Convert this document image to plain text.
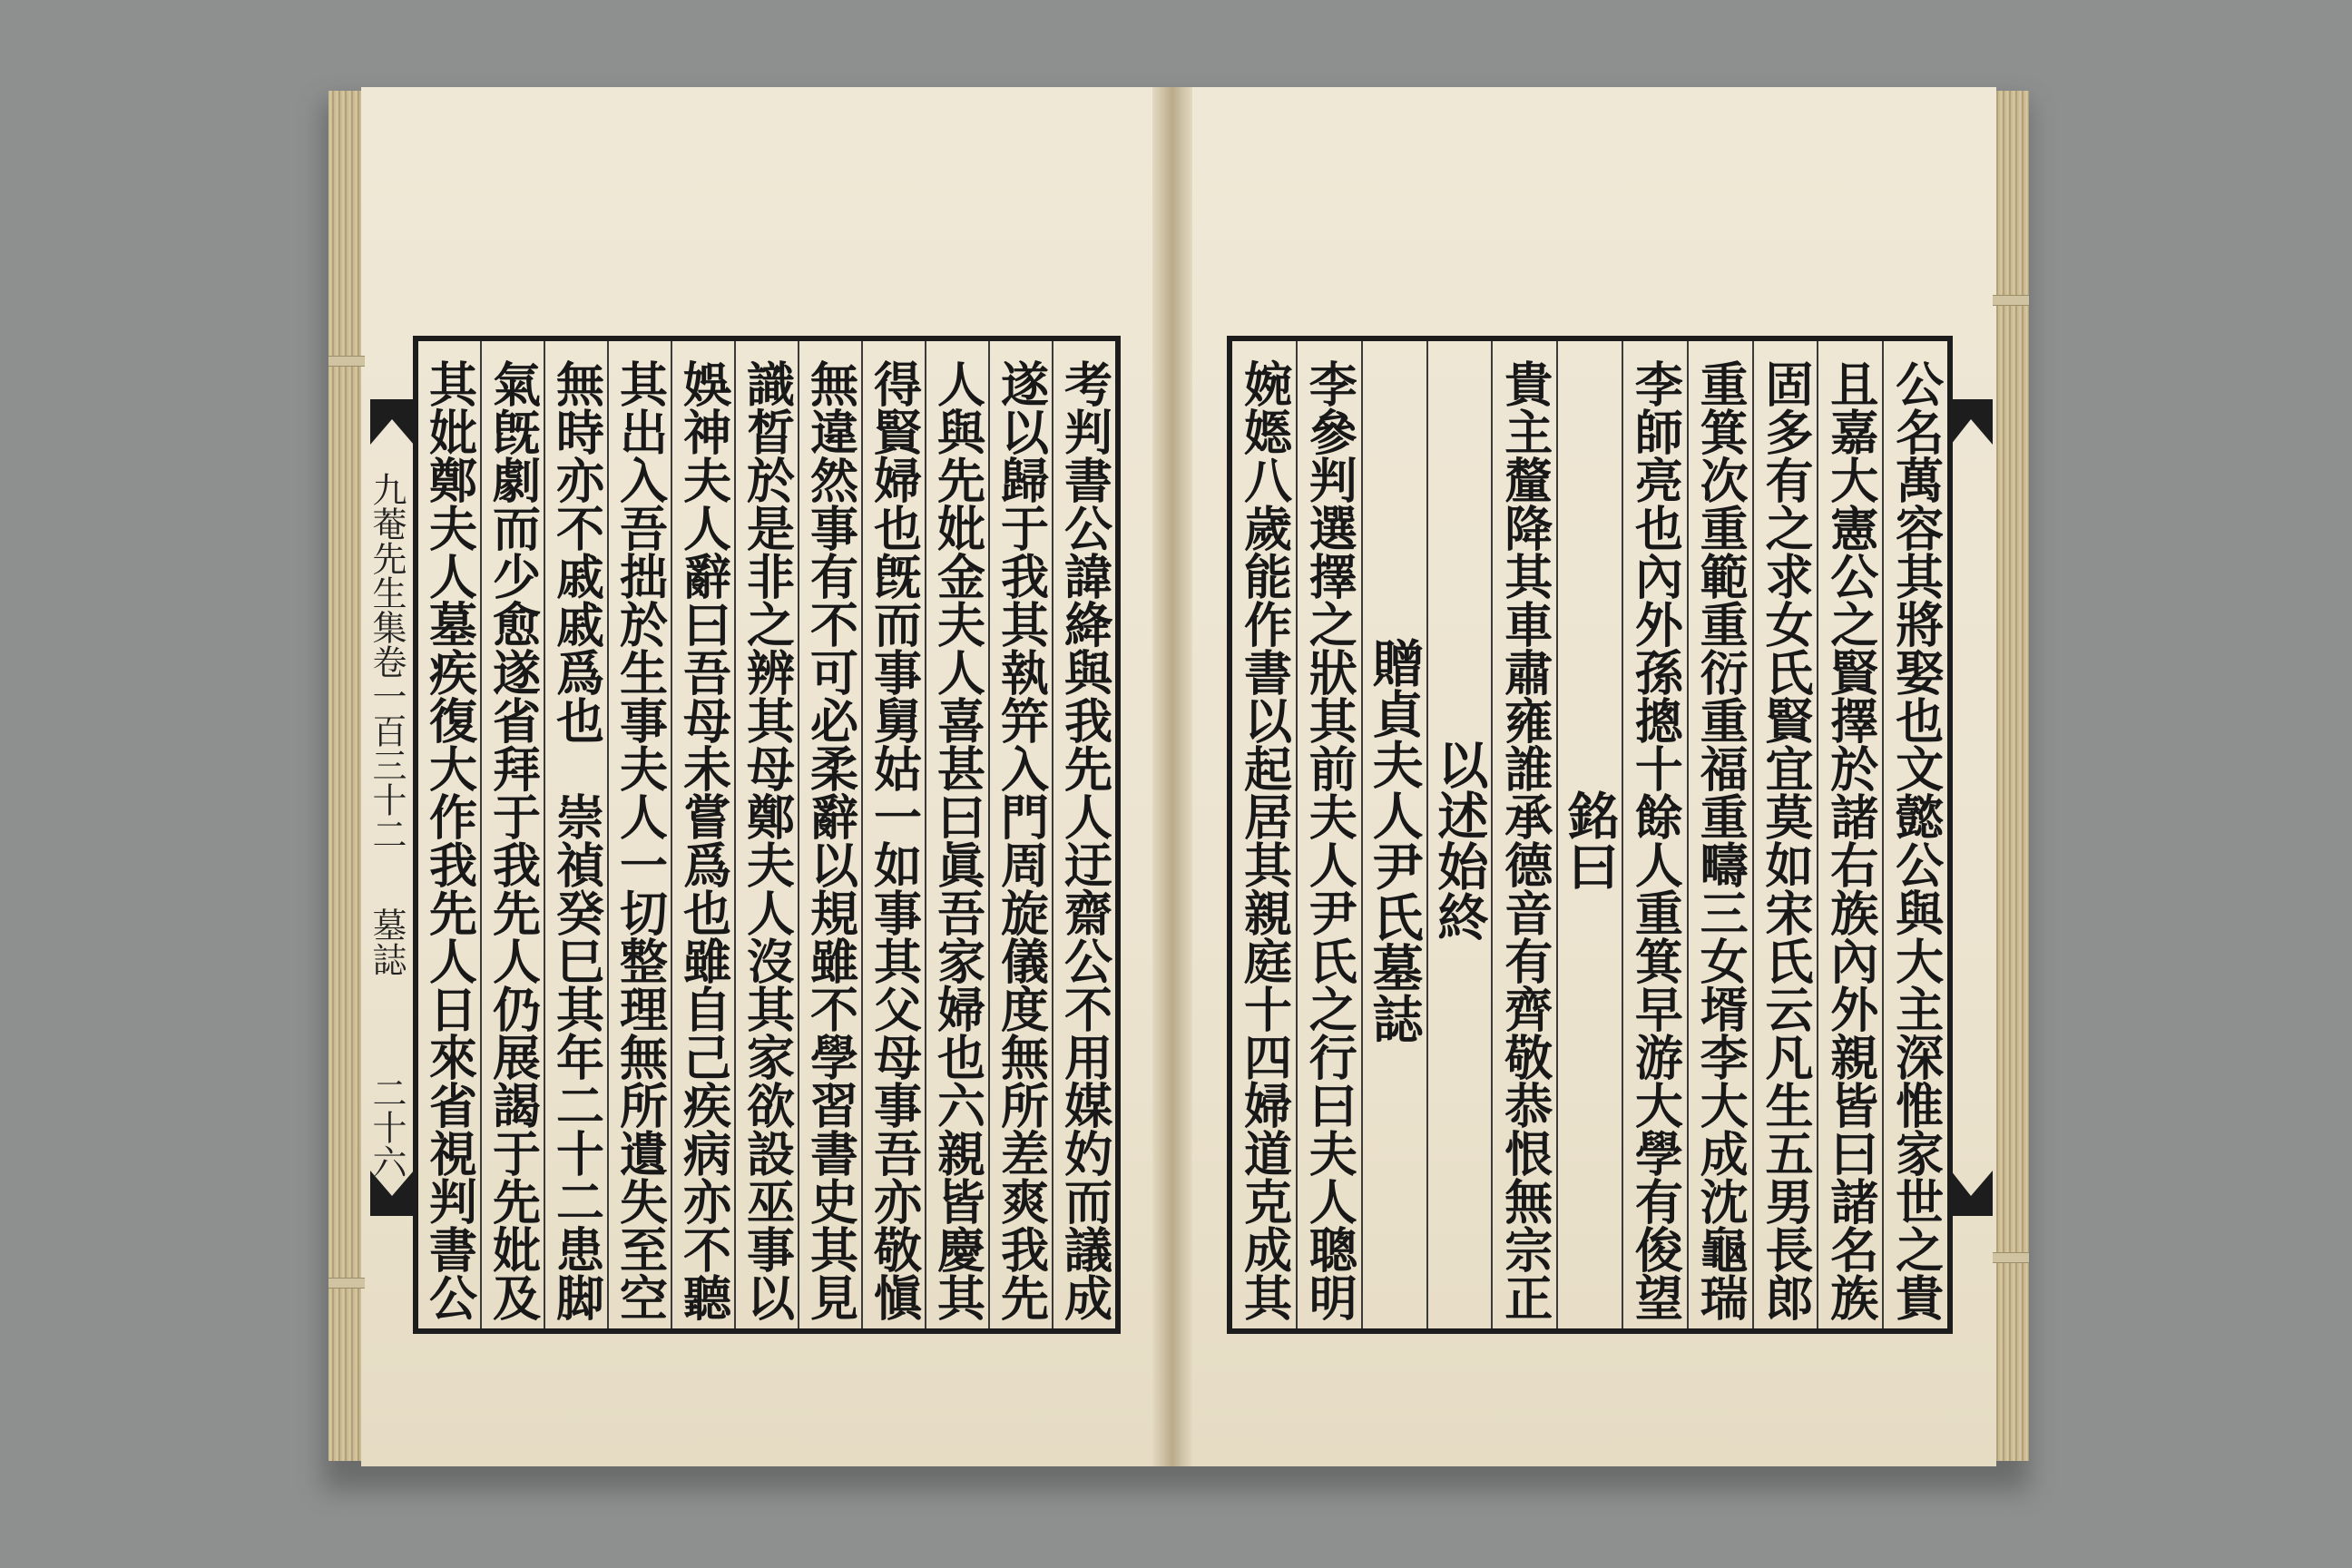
考判書公諱絳與我先人迂齋公不用媒妁而議成
遂以歸于我其執笄入門周旋儀度無所差爽我先
人與先妣金夫人喜甚曰眞吾家婦也六親皆慶其
得賢婦也旣而事舅姑一如事其父母事吾亦敬愼
無違然事有不可必柔辭以規雖不學習書史其見
識晳於是非之辨其母鄭夫人沒其家欲設巫事以
娛神夫人辭曰吾母未嘗爲也雖自己疾病亦不聽
其出入吾拙於生事夫人一切整理無所遺失至空
無時亦不戚戚爲也　崇禎癸巳其年二十二患脚
氣旣劇而少愈遂省拜于我先人仍展謁于先妣及
其妣鄭夫人墓疾復大作我先人日來省視判書公
九菴先生集卷一百三十二
墓誌
二十六	公名萬容其將娶也文懿公與大主深惟家世之貴
且嘉大憲公之賢擇於諸右族內外親皆曰諸名族
固多有之求女氏賢宜莫如宋氏云凡生五男長郎
重箕次重範重衍重福重疇三女壻李大成沈龜瑞
李師亮也內外孫摠十餘人重箕早游大學有俊望
銘曰
貴主釐降其車肅雍誰承德音有齊敬恭恨無宗正
以述始終
贈貞夫人尹氏墓誌
李參判選擇之狀其前夫人尹氏之行曰夫人聰明
婉嫕八歲能作書以起居其親庭十四婦道克成其
